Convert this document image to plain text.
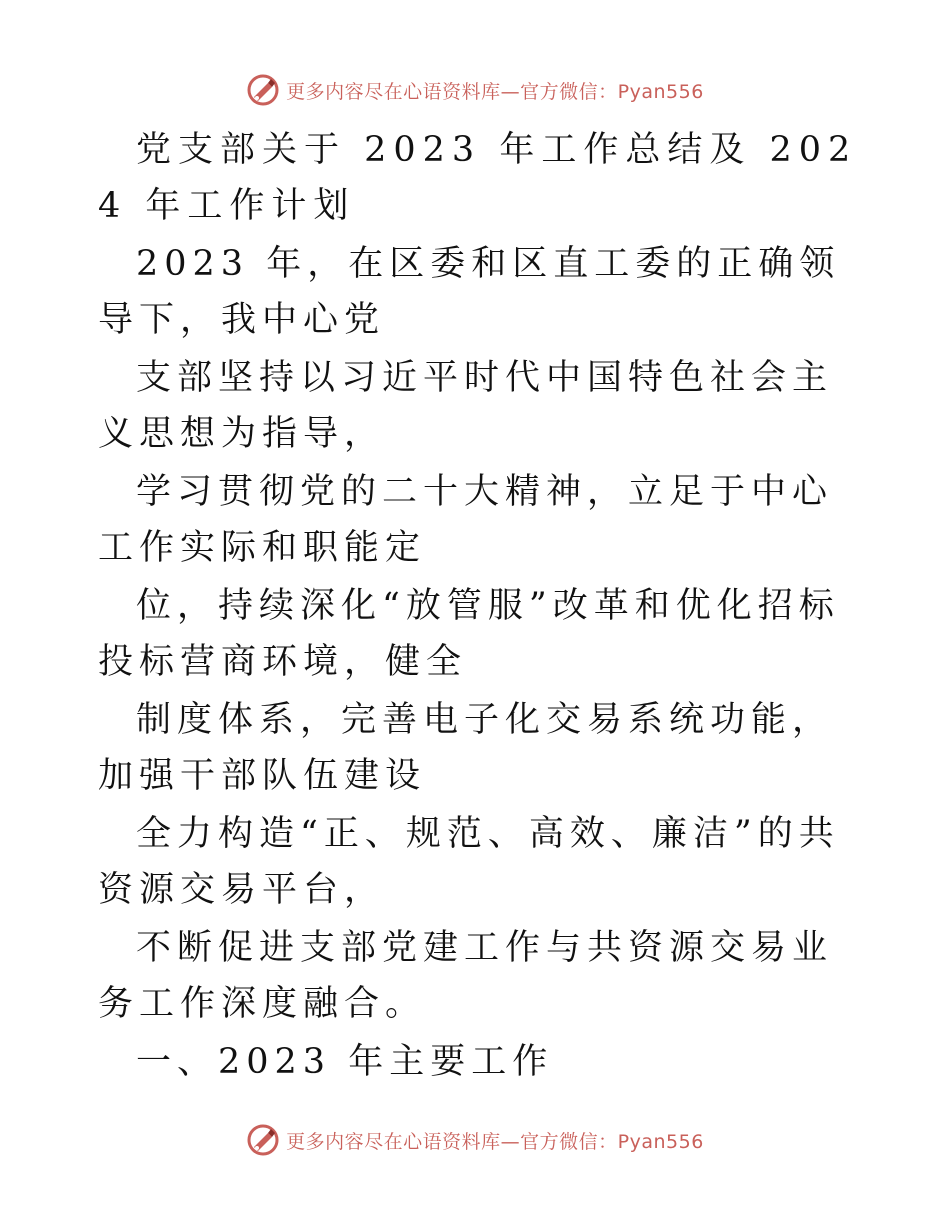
更多内容尽在心语资料库—官方微信：Pyan556

党支部关于 2023 年工作总结及 2024 年工作计划

2023 年，在区委和区直工委的正确领导下，我中心党

支部坚持以习近平时代中国特色社会主义思想为指导，

学习贯彻党的二十大精神，立足于中心工作实际和职能定

位，持续深化“放管服”改革和优化招标投标营商环境，健全

制度体系，完善电子化交易系统功能，加强干部队伍建设

全力构造“正、规范、高效、廉洁”的共资源交易平台，

不断促进支部党建工作与共资源交易业务工作深度融合。

一、2023 年主要工作

更多内容尽在心语资料库—官方微信：Pyan556
